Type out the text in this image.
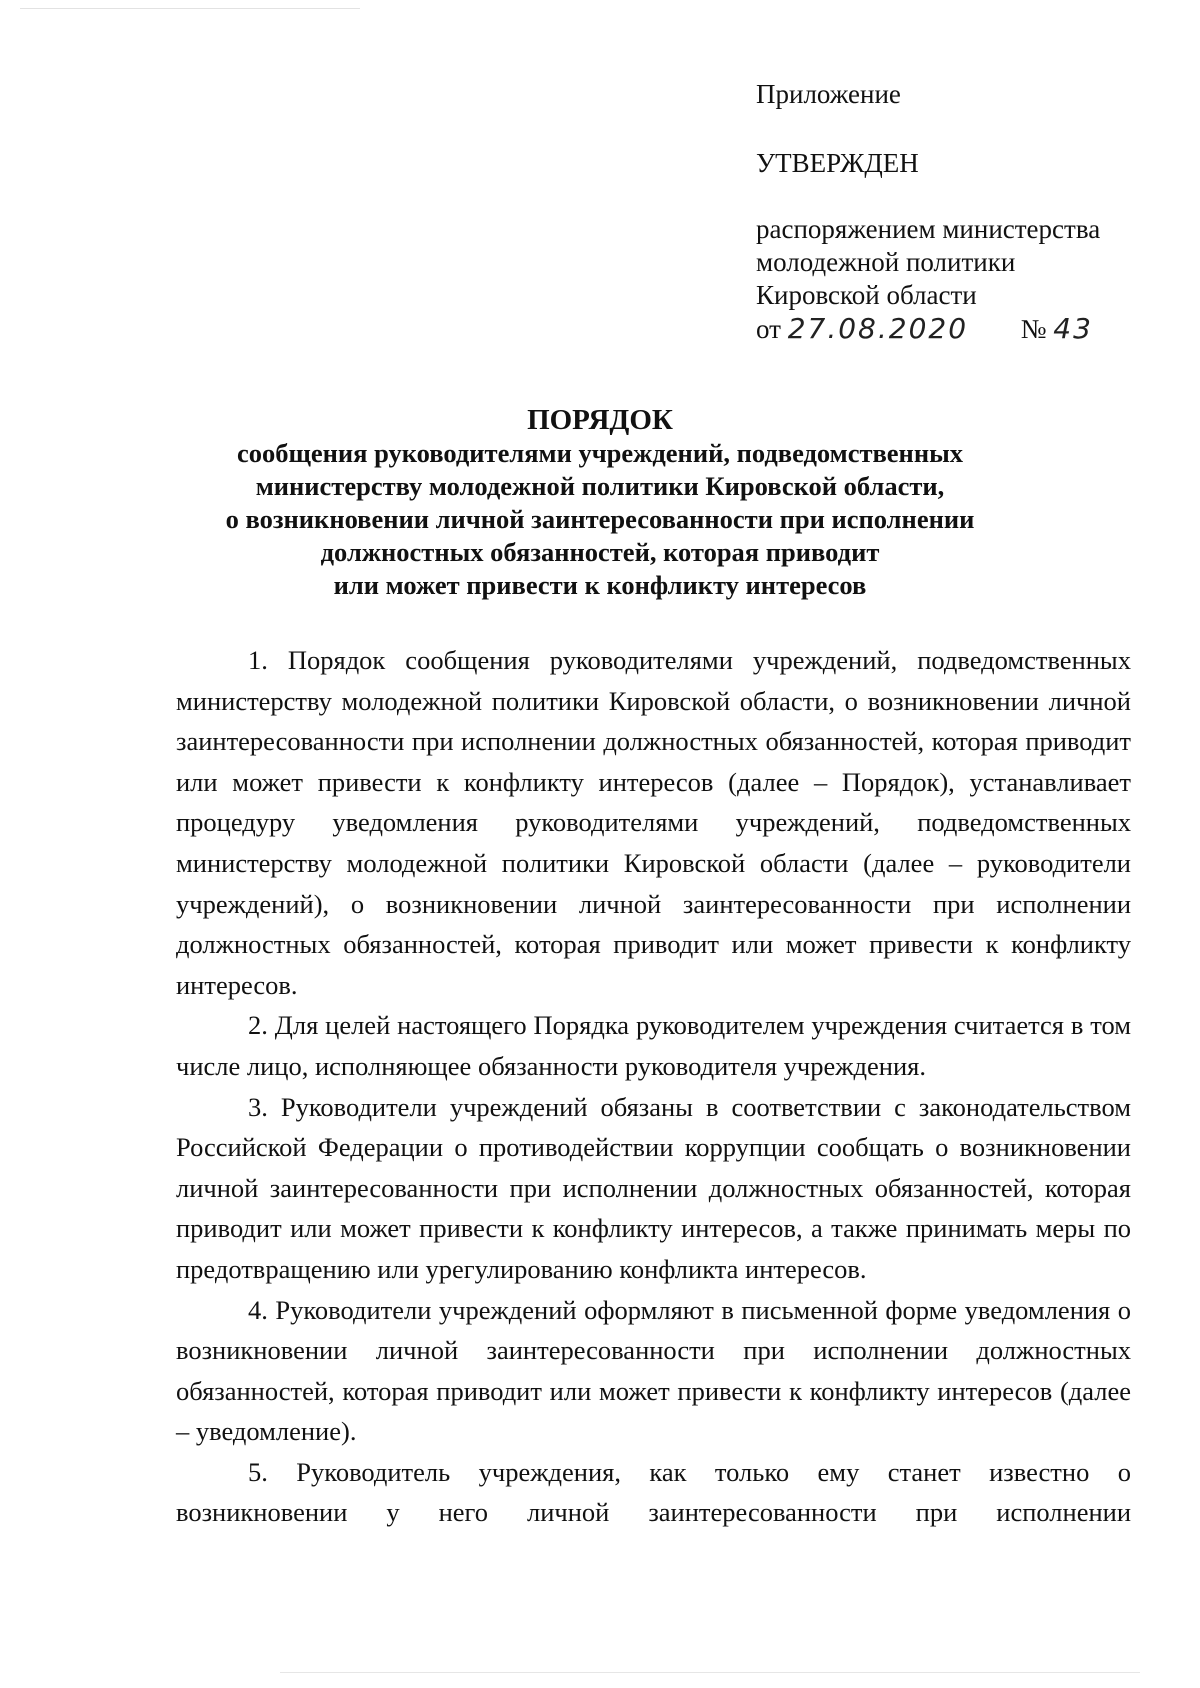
Приложение
УТВЕРЖДЕН
распоряжением министерства
молодежной политики
Кировской области
от 27.08.2020 № 43
ПОРЯДОК
сообщения руководителями учреждений, подведомственных
министерству молодежной политики Кировской области,
о возникновении личной заинтересованности при исполнении
должностных обязанностей, которая приводит
или может привести к конфликту интересов

1. Порядок сообщения руководителями учреждений, подведомственных министерству молодежной политики Кировской области, о возникновении личной заинтересованности при исполнении должностных обязанностей, которая приводит или может привести к конфликту интересов (далее – Порядок), устанавливает процедуру уведомления руководителями учреждений, подведомственных министерству молодежной политики Кировской области (далее – руководители учреждений), о возникновении личной заинтересованности при исполнении должностных обязанностей, которая приводит или может привести к конфликту интересов.

2. Для целей настоящего Порядка руководителем учреждения считается в том числе лицо, исполняющее обязанности руководителя учреждения.

3. Руководители учреждений обязаны в соответствии с законодательством Российской Федерации о противодействии коррупции сообщать о возникновении личной заинтересованности при исполнении должностных обязанностей, которая приводит или может привести к конфликту интересов, а также принимать меры по предотвращению или урегулированию конфликта интересов.

4. Руководители учреждений оформляют в письменной форме уведомления о возникновении личной заинтересованности при исполнении должностных обязанностей, которая приводит или может привести к конфликту интересов (далее – уведомление).

5. Руководитель учреждения, как только ему станет известно о возникновении у него личной заинтересованности при исполнении
